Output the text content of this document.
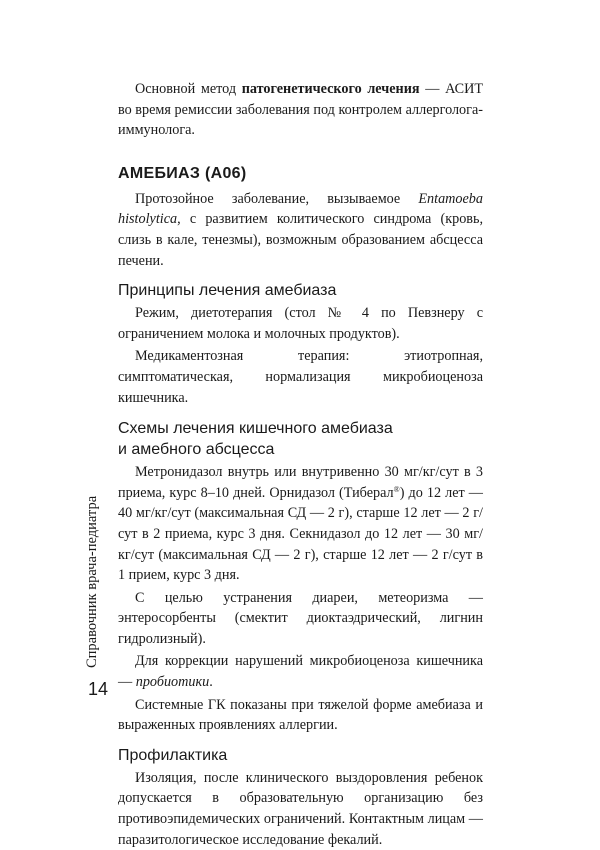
Основной метод патогенетического лечения — АСИТ во время ремиссии заболевания под контролем аллерголога-иммунолога.

АМЕБИАЗ (А06)

Протозойное заболевание, вызываемое Entamoeba histolytica, с развитием колитического синдрома (кровь, слизь в кале, тенезмы), возможным образованием абсцесса печени.

Принципы лечения амебиаза

Режим, диетотерапия (стол № 4 по Певзнеру с ограничением молока и молочных продуктов).

Медикаментозная терапия: этиотропная, симптоматическая, нормализация микробиоценоза кишечника.

Схемы лечения кишечного амебиаза
и амебного абсцесса

Метронидазол внутрь или внутривенно 30 мг/кг/сут в 3 приема, курс 8–10 дней. Орнидазол (Тиберал®) до 12 лет — 40 мг/кг/сут (максимальная СД — 2 г), старше 12 лет — 2 г/сут в 2 приема, курс 3 дня. Секнидазол до 12 лет — 30 мг/кг/сут (максимальная СД — 2 г), старше 12 лет — 2 г/сут в 1 прием, курс 3 дня.

С целью устранения диареи, метеоризма — энтеросорбенты (смектит диоктаэдрический, лигнин гидролизный).

Для коррекции нарушений микробиоценоза кишечника — пробиотики.

Системные ГК показаны при тяжелой форме амебиаза и выраженных проявлениях аллергии.

Профилактика

Изоляция, после клинического выздоровления ребенок допускается в образовательную организацию без противоэпидемических ограничений. Контактным лицам — паразитологическое исследование фекалий.

Справочник врача-педиатра
14
